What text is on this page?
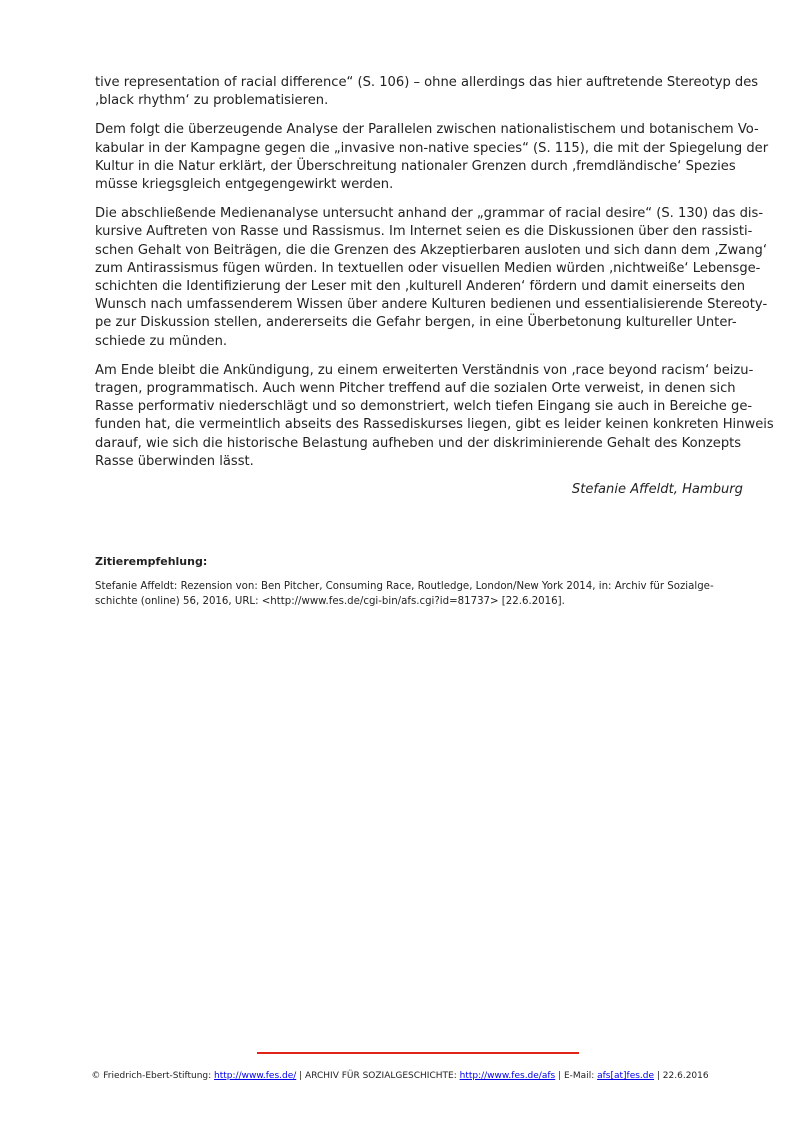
tive representation of racial difference“ (S. 106) – ohne allerdings das hier auftretende Stereotyp des
‚black rhythm‘ zu problematisieren.

Dem folgt die überzeugende Analyse der Parallelen zwischen nationalistischem und botanischem Vo-
kabular in der Kampagne gegen die „invasive non-native species“ (S. 115), die mit der Spiegelung der
Kultur in die Natur erklärt, der Überschreitung nationaler Grenzen durch ‚fremdländische‘ Spezies
müsse kriegsgleich entgegengewirkt werden.

Die abschließende Medienanalyse untersucht anhand der „grammar of racial desire“ (S. 130) das dis-
kursive Auftreten von Rasse und Rassismus. Im Internet seien es die Diskussionen über den rassisti-
schen Gehalt von Beiträgen, die die Grenzen des Akzeptierbaren ausloten und sich dann dem ‚Zwang‘
zum Antirassismus fügen würden. In textuellen oder visuellen Medien würden ‚nichtweiße‘ Lebensge-
schichten die Identifizierung der Leser mit den ‚kulturell Anderen‘ fördern und damit einerseits den
Wunsch nach umfassenderem Wissen über andere Kulturen bedienen und essentialisierende Stereoty-
pe zur Diskussion stellen, andererseits die Gefahr bergen, in eine Überbetonung kultureller Unter-
schiede zu münden.

Am Ende bleibt die Ankündigung, zu einem erweiterten Verständnis von ‚race beyond racism‘ beizu-
tragen, programmatisch. Auch wenn Pitcher treffend auf die sozialen Orte verweist, in denen sich
Rasse performativ niederschlägt und so demonstriert, welch tiefen Eingang sie auch in Bereiche ge-
funden hat, die vermeintlich abseits des Rassediskurses liegen, gibt es leider keinen konkreten Hinweis
darauf, wie sich die historische Belastung aufheben und der diskriminierende Gehalt des Konzepts
Rasse überwinden lässt.

Stefanie Affeldt, Hamburg
Zitierempfehlung:

Stefanie Affeldt: Rezension von: Ben Pitcher, Consuming Race, Routledge, London/New York 2014, in: Archiv für Sozialge-

schichte (online) 56, 2016, URL: <http://www.fes.de/cgi-bin/afs.cgi?id=81737> [22.6.2016].

© Friedrich-Ebert-Stiftung: http://www.fes.de/ | ARCHIV FÜR SOZIALGESCHICHTE: http://www.fes.de/afs | E-Mail: afs[at]fes.de | 22.6.2016
